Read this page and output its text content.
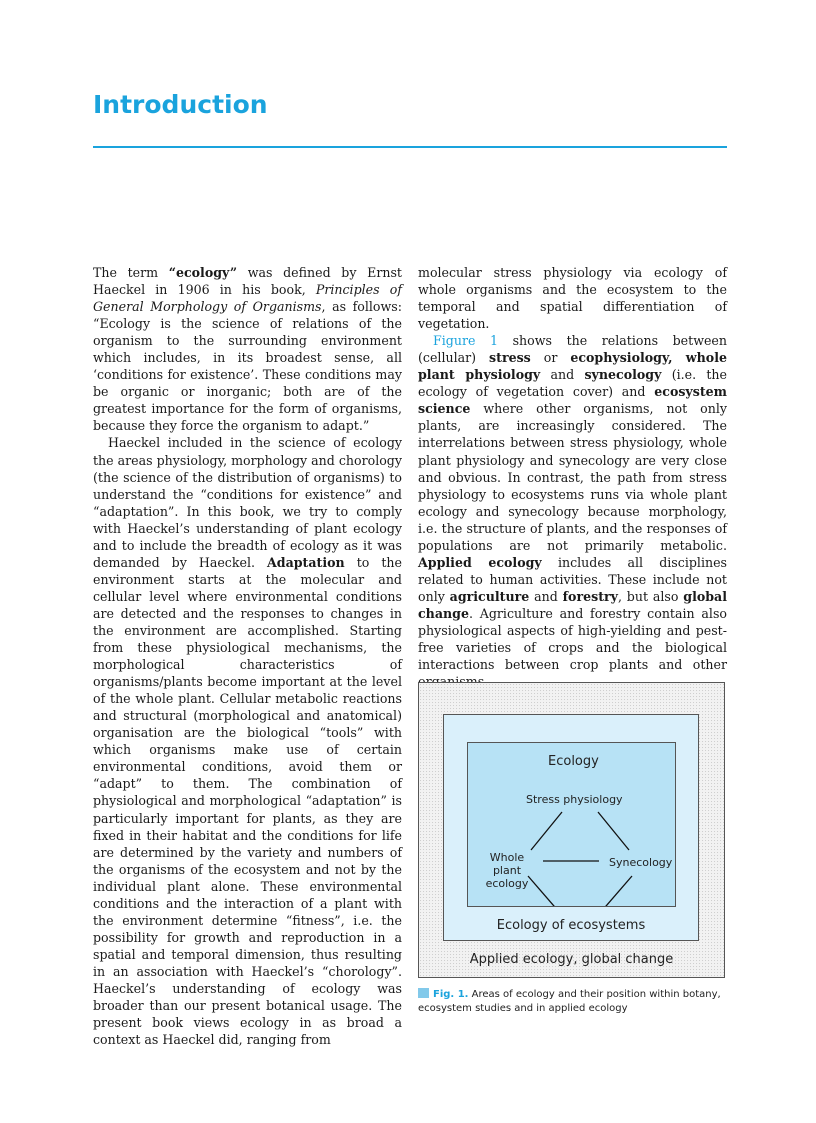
Introduction

The term “ecology” was defined by Ernst Haeckel in 1906 in his book, Principles of General Morphology of Organisms, as follows: “Ecology is the science of relations of the organism to the surrounding environment which includes, in its broadest sense, all ‘conditions for existence’. These conditions may be organic or inorganic; both are of the greatest importance for the form of organisms, because they force the organism to adapt.”

Haeckel included in the science of ecology the areas physiology, morphology and chorology (the science of the distribution of organisms) to understand the “conditions for existence” and “adaptation”. In this book, we try to comply with Haeckel’s understanding of plant ecology and to include the breadth of ecology as it was demanded by Haeckel. Adaptation to the environment starts at the molecular and cellular level where environmental conditions are detected and the responses to changes in the environment are accomplished. Starting from these physiological mechanisms, the morphological characteristics of organisms/plants become important at the level of the whole plant. Cellular metabolic reactions and structural (morphological and anatomical) organisation are the biological “tools” with which organisms make use of certain environmental conditions, avoid them or “adapt” to them. The combination of physiological and morphological “adaptation” is particularly important for plants, as they are fixed in their habitat and the conditions for life are determined by the variety and numbers of the organisms of the ecosystem and not by the individual plant alone. These environmental conditions and the interaction of a plant with the environment determine “fitness”, i.e. the possibility for growth and reproduction in a spatial and temporal dimension, thus resulting in an association with Haeckel’s “chorology”. Haeckel’s understanding of ecology was broader than our present botanical usage. The present book views ecology in as broad a context as Haeckel did, ranging from

molecular stress physiology via ecology of whole organisms and the ecosystem to the temporal and spatial differentiation of vegetation.

Figure 1 shows the relations between (cellular) stress or ecophysiology, whole plant physiology and synecology (i.e. the ecology of vegetation cover) and ecosystem science where other organisms, not only plants, are increasingly considered. The interrelations between stress physiology, whole plant physiology and synecology are very close and obvious. In contrast, the path from stress physiology to ecosystems runs via whole plant ecology and synecology because morphology, i.e. the structure of plants, and the responses of populations are not primarily metabolic. Applied ecology includes all disciplines related to human activities. These include not only agriculture and forestry, but also global change. Agriculture and forestry contain also physiological aspects of high-yielding and pest-free varieties of crops and the biological interactions between crop plants and other

Ecology
Stress physiology
Whole plant
ecology
Synecology
Ecology of ecosystems
Applied ecology, global change
Fig. 1. Areas of ecology and their position within botany, ecosystem studies and in applied ecology
